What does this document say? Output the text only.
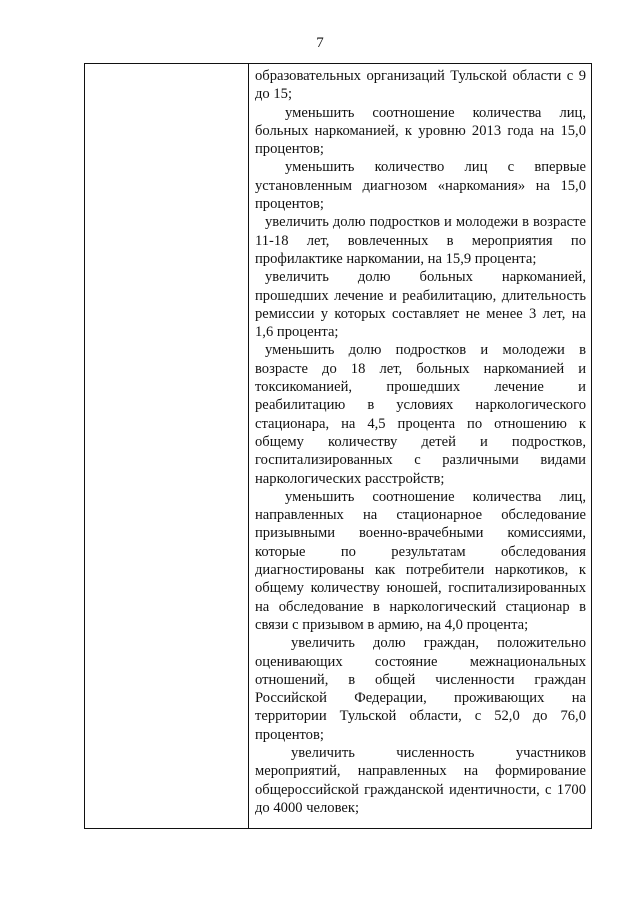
7

образовательных организаций Тульской области с 9 до 15;

уменьшить соотношение количества лиц, больных наркоманией, к уровню 2013 года на 15,0 процентов;

уменьшить количество лиц с впервые установленным диагнозом «наркомания» на 15,0 процентов;

увеличить долю подростков и молодежи в возрасте 11-18 лет, вовлеченных в мероприятия по профилактике наркомании, на 15,9 процента;

увеличить долю больных наркоманией, прошедших лечение и реабилитацию, длительность ремиссии у которых составляет не менее 3 лет, на 1,6 процента;

уменьшить долю подростков и молодежи в возрасте до 18 лет, больных наркоманией и токсикоманией, прошедших лечение и реабилитацию в условиях наркологического стационара, на 4,5 процента по отношению к общему количеству детей и подростков, госпитализированных с различными видами наркологических расстройств;

уменьшить соотношение количества лиц, направленных на стационарное обследование призывными военно-врачебными комиссиями, которые по результатам обследования диагностированы как потребители наркотиков, к общему количеству юношей, госпитализированных на обследование в наркологический стационар в связи с призывом в армию, на 4,0 процента;

увеличить долю граждан, положительно оценивающих состояние межнациональных отношений, в общей численности граждан Российской Федерации, проживающих на территории Тульской области, с 52,0 до 76,0 процентов;

увеличить численность участников мероприятий, направленных на формирование общероссийской гражданской идентичности, с 1700 до 4000 человек;
